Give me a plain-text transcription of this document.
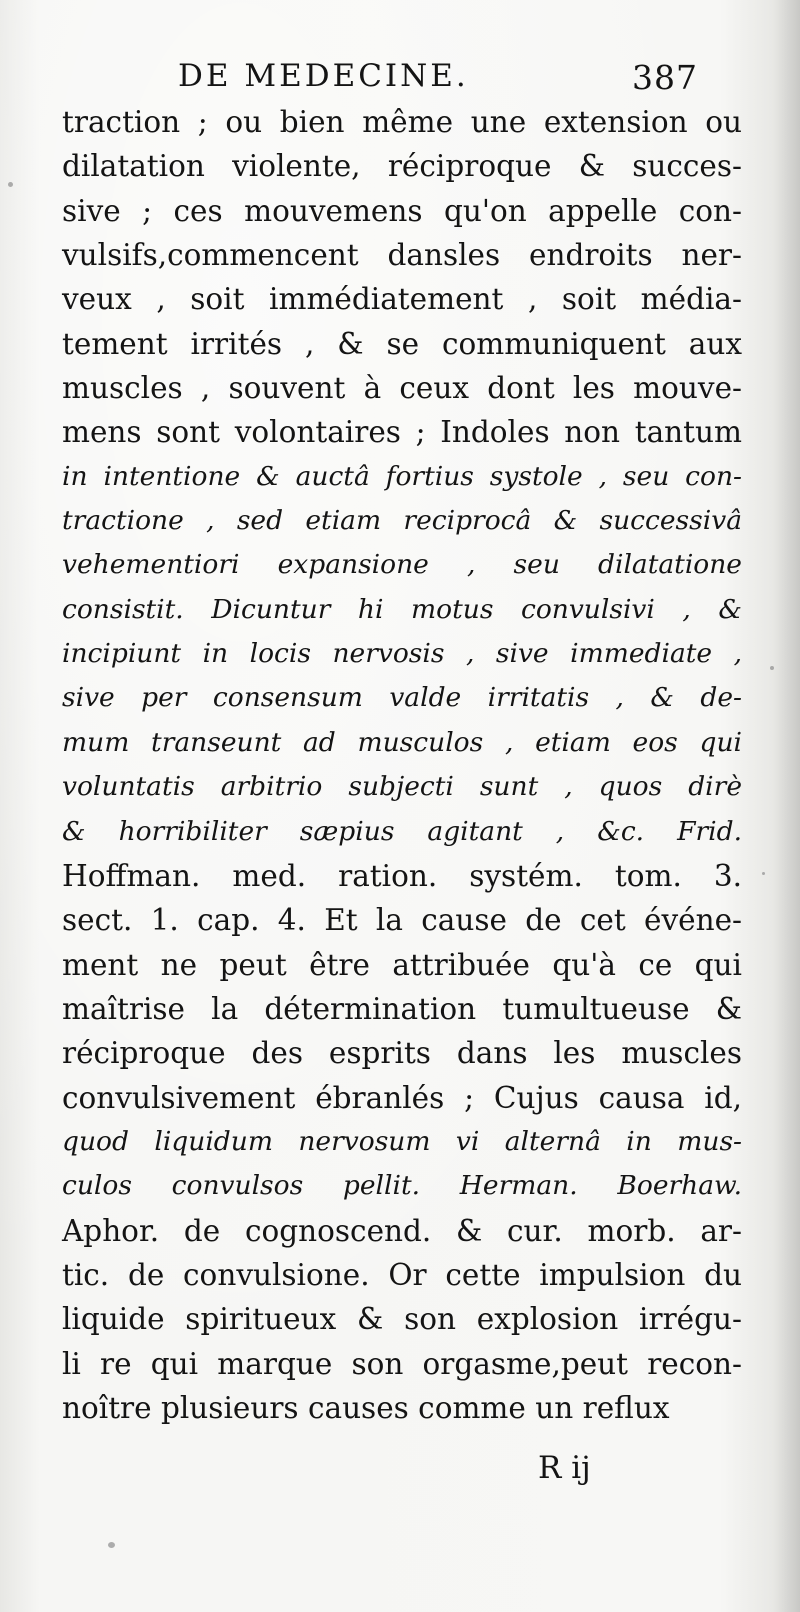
DE MEDECINE.	387
traction ; ou bien même une extension ou
dilatation violente, réciproque & succes-
sive ; ces mouvemens qu'on appelle con-
vulsifs,commencent dansles endroits ner-
veux , soit immédiatement , soit média-
tement irrités , & se communiquent aux
muscles , souvent à ceux dont les mouve-
mens sont volontaires ; Indoles non tantum
in intentione & auctâ fortius systole , seu con-
tractione , sed etiam reciprocâ & successivâ
vehementiori expansione , seu dilatatione
consistit. Dicuntur hi motus convulsivi , &
incipiunt in locis nervosis , sive immediate ,
sive per consensum valde irritatis , & de-
mum transeunt ad musculos , etiam eos qui
voluntatis arbitrio subjecti sunt , quos dirè
& horribiliter sæpius agitant , &c. Frid.
Hoffman. med. ration. systém. tom. 3.
sect. 1. cap. 4. Et la cause de cet événe-
ment ne peut être attribuée qu'à ce qui
maîtrise la détermination tumultueuse &
réciproque des esprits dans les muscles
convulsivement ébranlés ; Cujus causa id,
quod liquidum nervosum vi alternâ in mus-
culos convulsos pellit. Herman. Boerhaw.
Aphor. de cognoscend. & cur. morb. ar-
tic. de convulsione. Or cette impulsion du
liquide spiritueux & son explosion irrégu-
li re qui marque son orgasme,peut recon-
noître plusieurs causes comme un reflux
R ij
